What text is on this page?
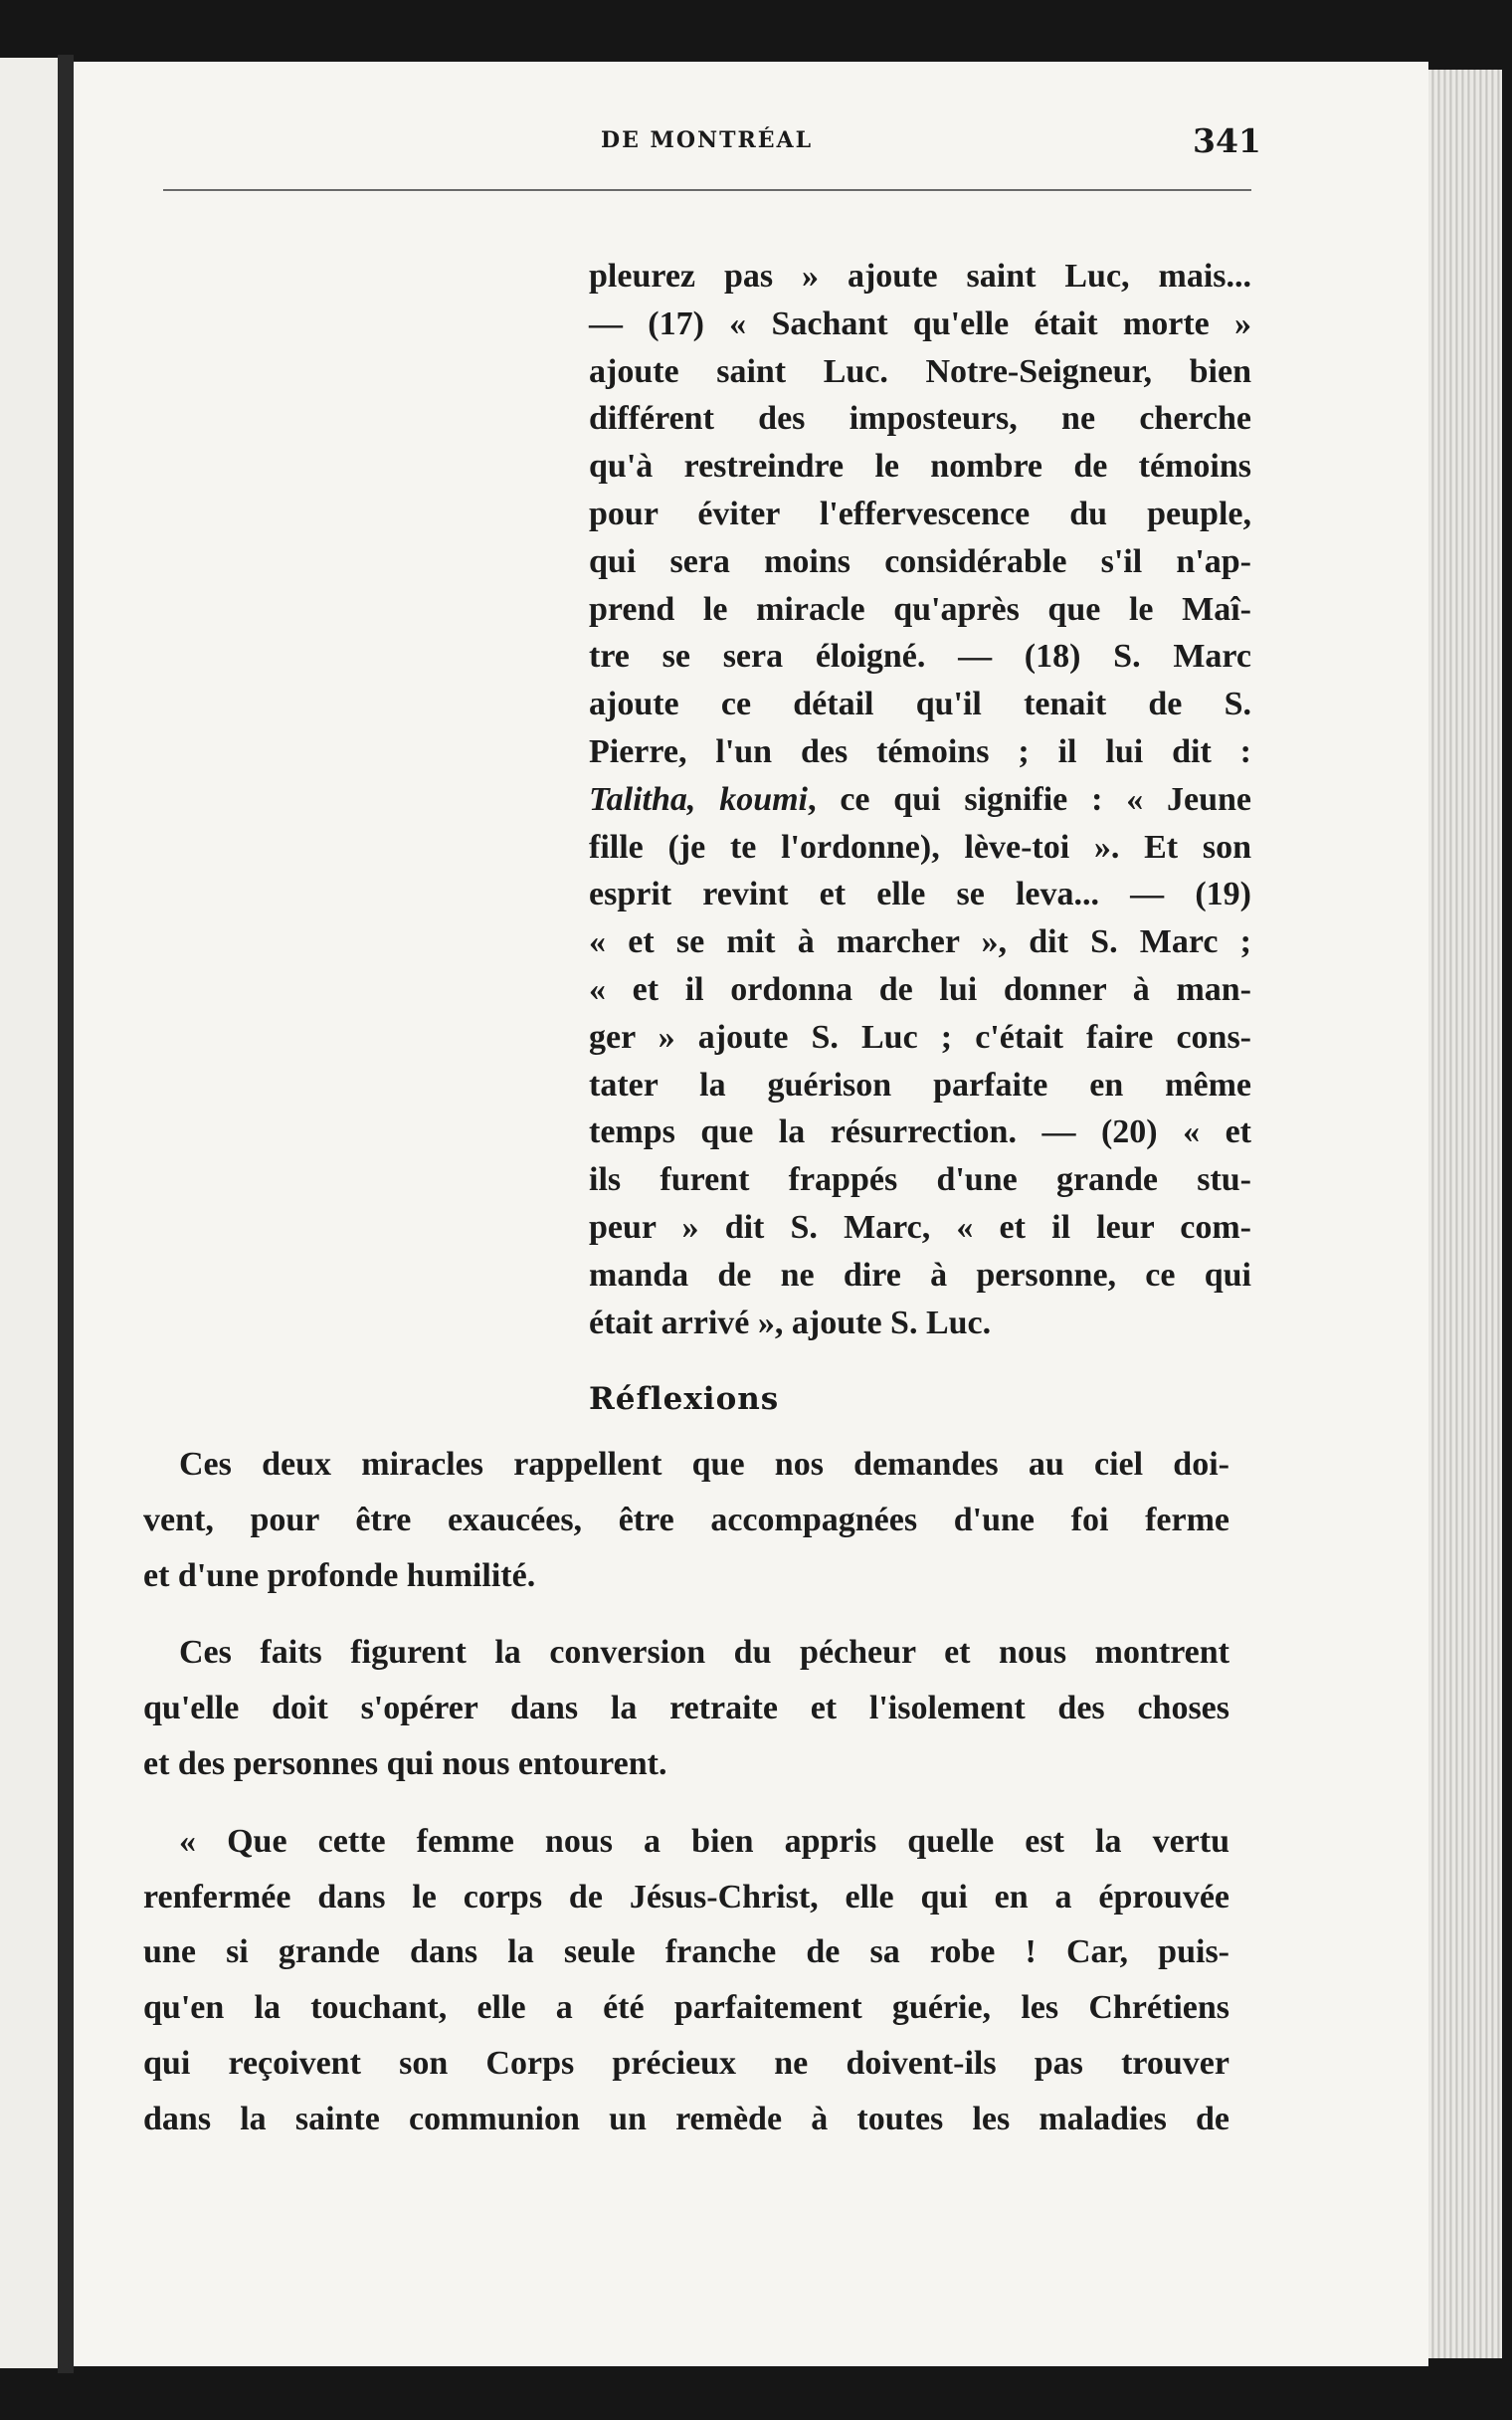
DE MONTRÉAL	341
pleurez pas » ajoute saint Luc, mais...
— (17) « Sachant qu'elle était morte »
ajoute saint Luc. Notre-Seigneur, bien
différent des imposteurs, ne cherche
qu'à restreindre le nombre de témoins
pour éviter l'effervescence du peuple,
qui sera moins considérable s'il n'ap-
prend le miracle qu'après que le Maî-
tre se sera éloigné. — (18) S. Marc
ajoute ce détail qu'il tenait de S.
Pierre, l'un des témoins ; il lui dit :
Talitha, koumi, ce qui signifie : « Jeune
fille (je te l'ordonne), lève-toi ». Et son
esprit revint et elle se leva... — (19)
« et se mit à marcher », dit S. Marc ;
« et il ordonna de lui donner à man-
ger » ajoute S. Luc ; c'était faire cons-
tater la guérison parfaite en même
temps que la résurrection. — (20) « et
ils furent frappés d'une grande stu-
peur » dit S. Marc, « et il leur com-
manda de ne dire à personne, ce qui
était arrivé », ajoute S. Luc.
Réflexions
Ces deux miracles rappellent que nos demandes au ciel doi-
vent, pour être exaucées, être accompagnées d'une foi ferme
et d'une profonde humilité.
Ces faits figurent la conversion du pécheur et nous montrent
qu'elle doit s'opérer dans la retraite et l'isolement des choses
et des personnes qui nous entourent.
« Que cette femme nous a bien appris quelle est la vertu
renfermée dans le corps de Jésus-Christ, elle qui en a éprouvée
une si grande dans la seule franche de sa robe ! Car, puis-
qu'en la touchant, elle a été parfaitement guérie, les Chrétiens
qui reçoivent son Corps précieux ne doivent-ils pas trouver
dans la sainte communion un remède à toutes les maladies de
